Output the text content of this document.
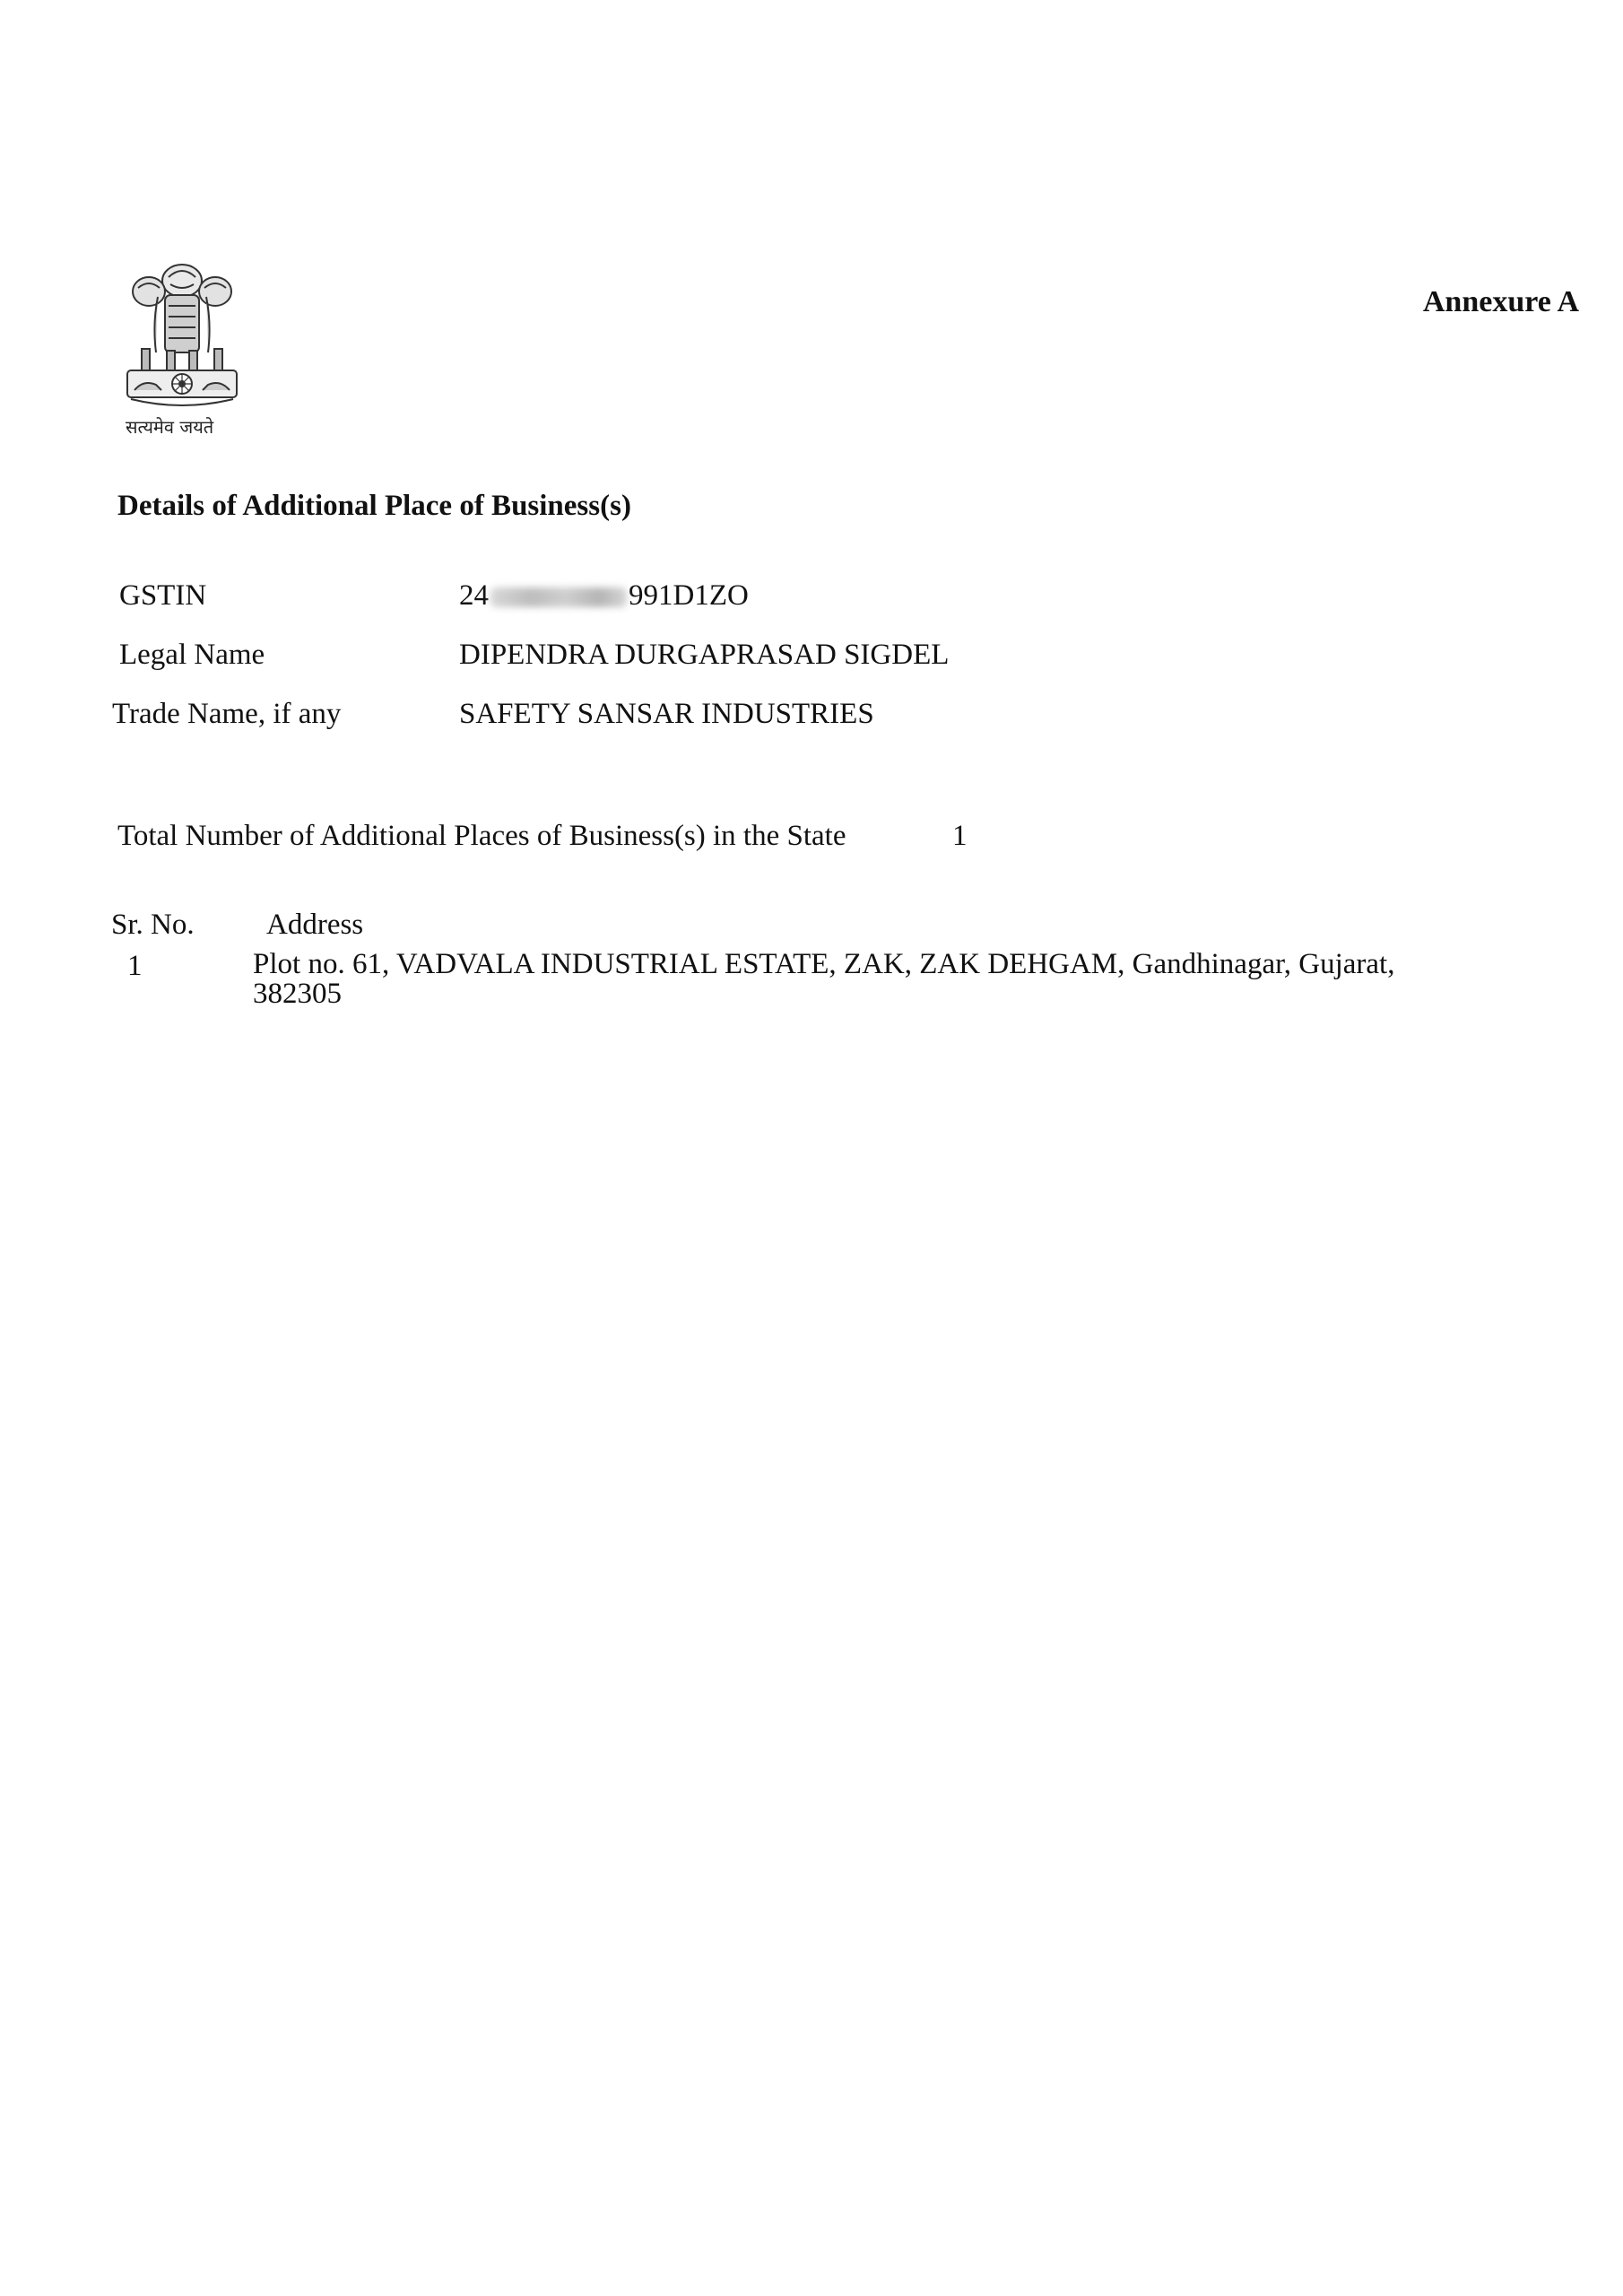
सत्यमेव जयते
Annexure A
Details of Additional Place of Business(s)
GSTIN	24	991D1ZO
Legal Name	DIPENDRA DURGAPRASAD SIGDEL
Trade Name, if any	SAFETY SANSAR INDUSTRIES
Total Number of Additional Places of Business(s) in the State	1
Sr. No. Address
1	Plot no. 61, VADVALA INDUSTRIAL ESTATE, ZAK, ZAK DEHGAM, Gandhinagar, Gujarat, 382305
